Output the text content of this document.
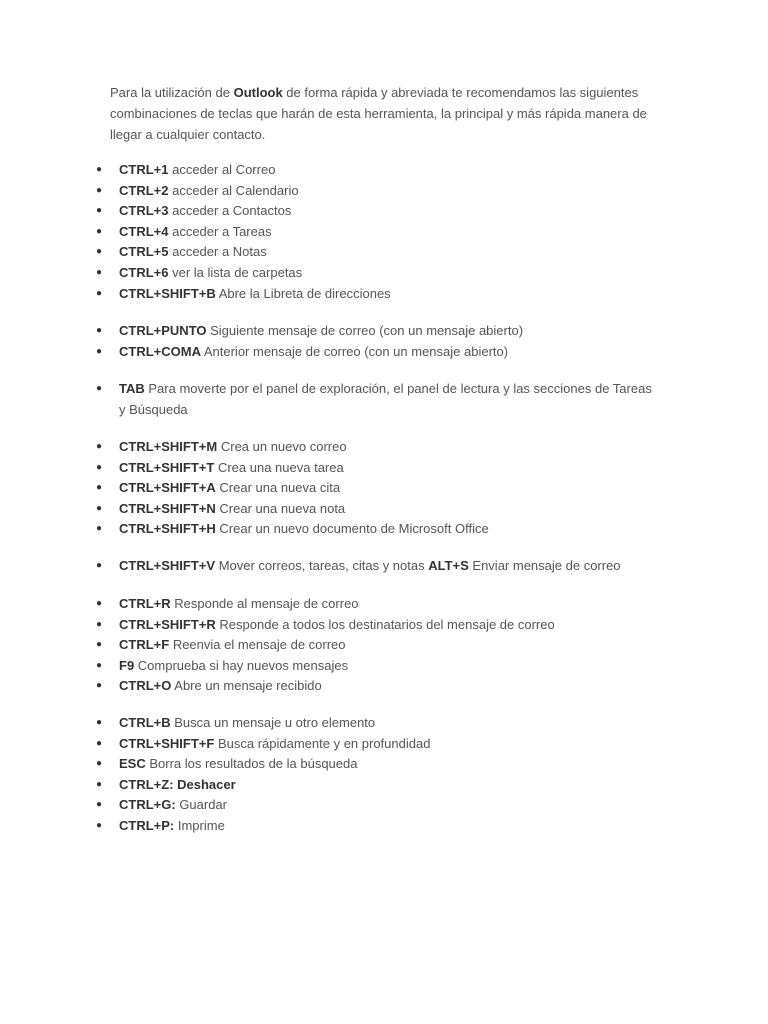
Para la utilización de Outlook de forma rápida y abreviada te recomendamos las siguientes combinaciones de teclas que harán de esta herramienta, la principal y más rápida manera de llegar a cualquier contacto.

● CTRL+1 acceder al Correo
● CTRL+2 acceder al Calendario
● CTRL+3 acceder a Contactos
● CTRL+4 acceder a Tareas
● CTRL+5 acceder a Notas
● CTRL+6 ver la lista de carpetas
● CTRL+SHIFT+B Abre la Libreta de direcciones
● CTRL+PUNTO Siguiente mensaje de correo (con un mensaje abierto)
● CTRL+COMA Anterior mensaje de correo (con un mensaje abierto)
● TAB Para moverte por el panel de exploración, el panel de lectura y las secciones de Tareas y Búsqueda
● CTRL+SHIFT+M Crea un nuevo correo
● CTRL+SHIFT+T Crea una nueva tarea
● CTRL+SHIFT+A Crear una nueva cita
● CTRL+SHIFT+N Crear una nueva nota
● CTRL+SHIFT+H Crear un nuevo documento de Microsoft Office
● CTRL+SHIFT+V Mover correos, tareas, citas y notas ALT+S Enviar mensaje de correo
● CTRL+R Responde al mensaje de correo
● CTRL+SHIFT+R Responde a todos los destinatarios del mensaje de correo
● CTRL+F Reenvia el mensaje de correo
● F9 Comprueba si hay nuevos mensajes
● CTRL+O Abre un mensaje recibido
● CTRL+B Busca un mensaje u otro elemento
● CTRL+SHIFT+F Busca rápidamente y en profundidad
● ESC Borra los resultados de la búsqueda
● CTRL+Z: Deshacer
● CTRL+G: Guardar
● CTRL+P: Imprime
